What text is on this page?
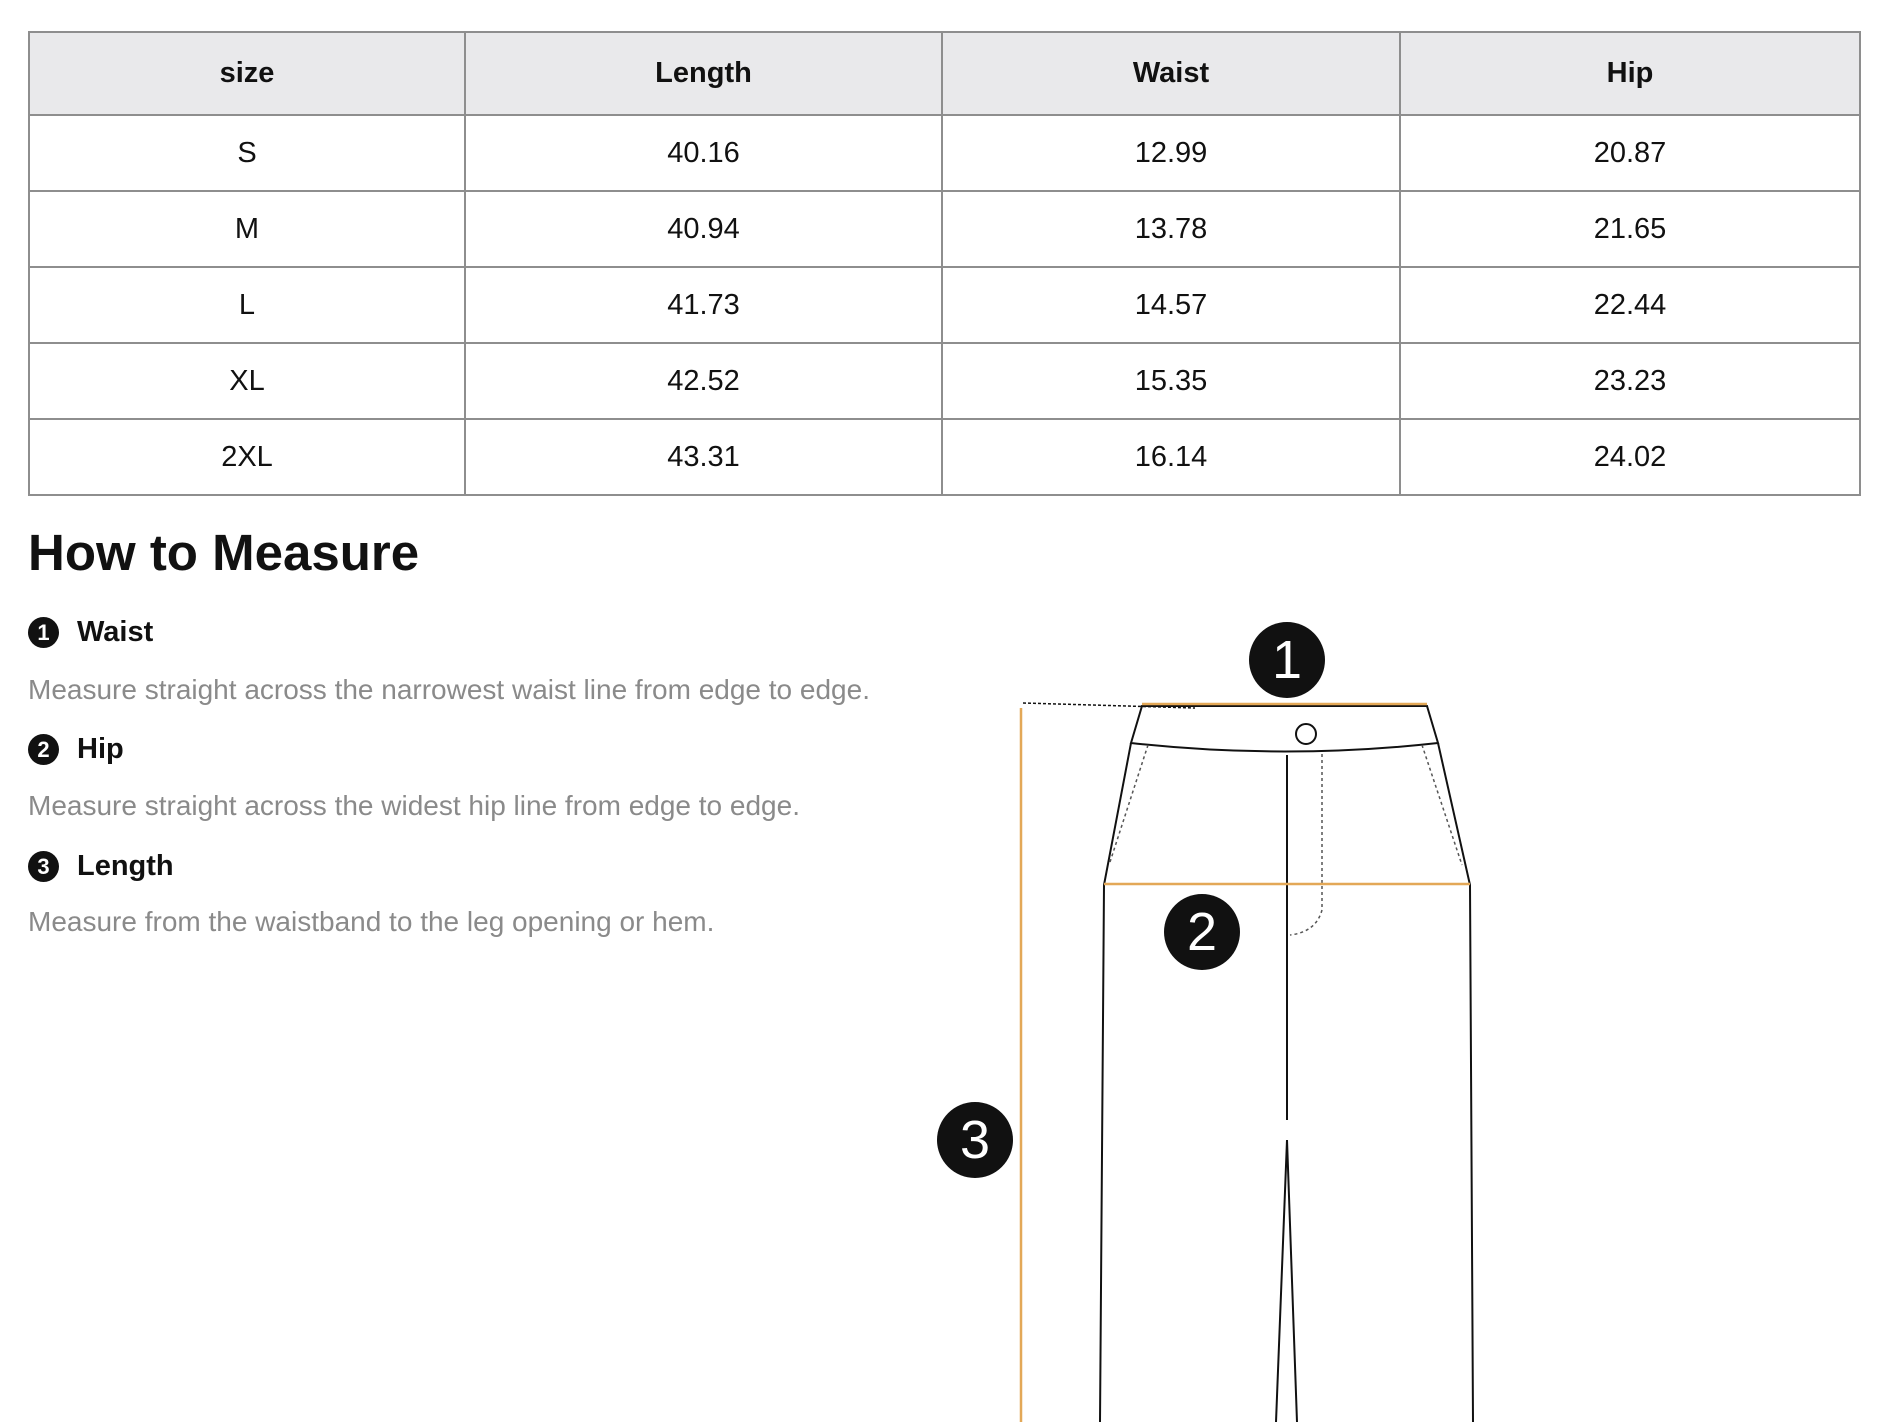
size	Length	Waist	Hip
S	40.16	12.99	20.87
M	40.94	13.78	21.65
L	41.73	14.57	22.44
XL	42.52	15.35	23.23
2XL	43.31	16.14	24.02
How to Measure
1 Waist

Measure straight across the narrowest waist line from edge to edge.

2 Hip

Measure straight across the widest hip line from edge to edge.

3 Length

Measure from the waistband to the leg opening or hem.

1
2
3
